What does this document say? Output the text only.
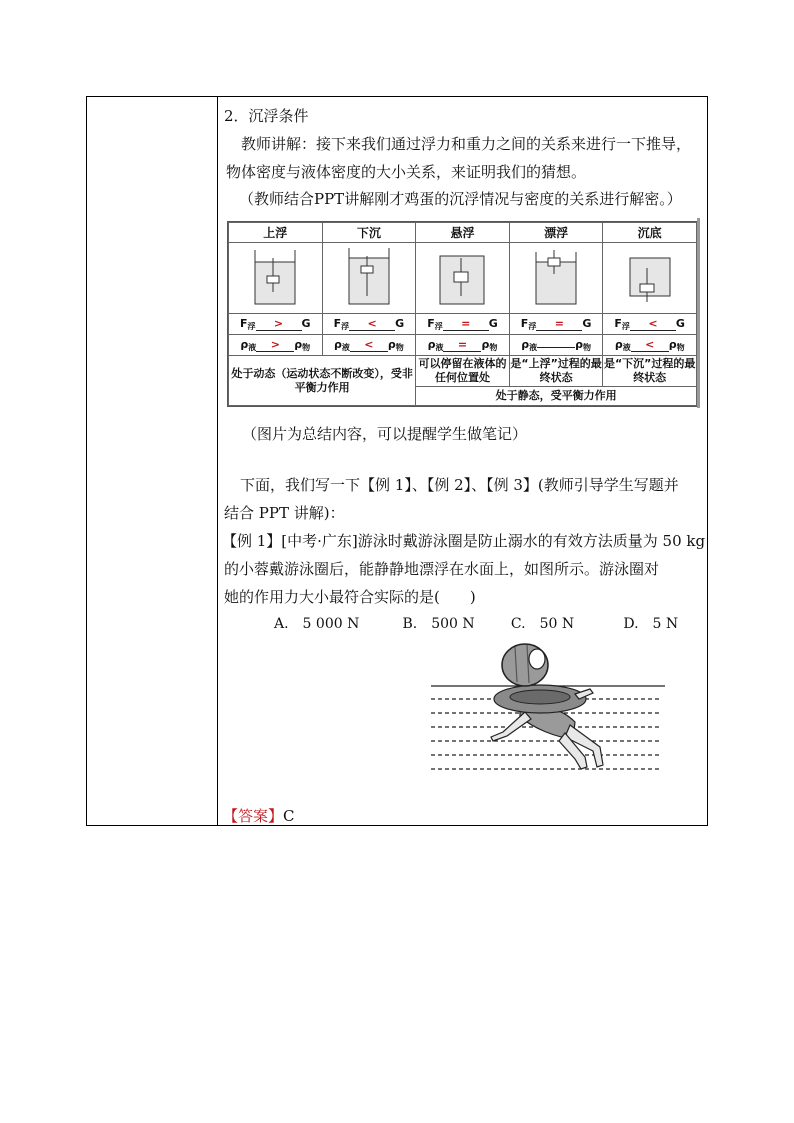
2．沉浮条件
教师讲解：接下来我们通过浮力和重力之间的关系来进行一下推导，
物体密度与液体密度的大小关系，来证明我们的猜想。
（教师结合PPT讲解刚才鸡蛋的沉浮情况与密度的关系进行解密。）
（图片为总结内容，可以提醒学生做笔记）
下面，我们写一下【例 1】、【例 2】、【例 3】(教师引导学生写题并
结合 PPT 讲解)：
【例 1】[中考·广东]游泳时戴游泳圈是防止溺水的有效方法质量为 50 kg
的小蓉戴游泳圈后，能静静地漂浮在水面上，如图所示。游泳圈对
她的作用力大小最符合实际的是(　　)
A.　5 000 N	B.　500 N	C.　50 N	D.　5 N
【答案】C
上浮	下沉	悬浮	漂浮	沉底

$F_浮 > G$	$F_浮 < G$	$F_浮 = G$	$F_浮 = G$	$F_浮 < G$
$\rho_液 > \rho_物$	$\rho_液 < \rho_物$	$\rho_液 = \rho_物$	$\rho_液$ $\rho_物$	$\rho_液 < \rho_物$
处于动态（运动状态不断改变），受非平衡力作用		可以停留在液体的任何位置处	是“上浮”过程的最终状态	是“下沉”过程的最终状态
		处于静态，受平衡力作用		
